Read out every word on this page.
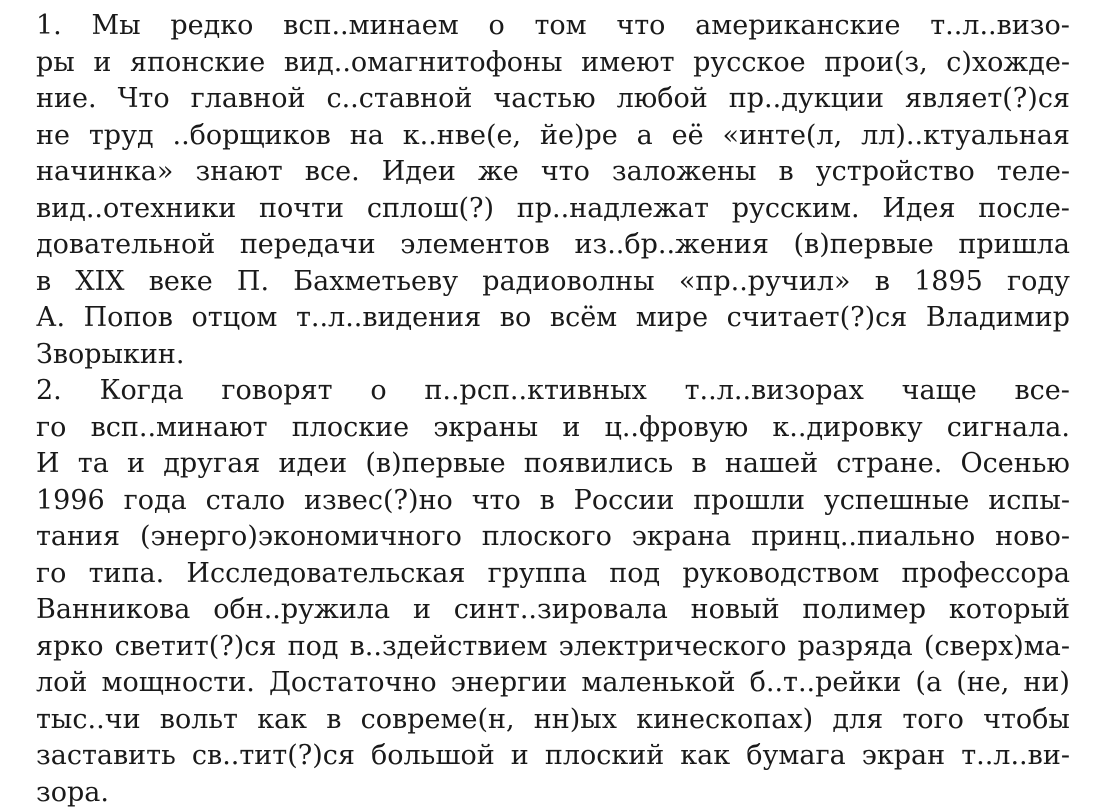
1. Мы редко всп..минаем о том что американские т..л..визо-
ры и японские вид..омагнитофоны имеют русское прои(з, с)хожде-
ние. Что главной с..ставной частью любой пр..дукции являет(?)ся
не труд ..борщиков на к..нве(е, йе)ре а её «инте(л, лл)..ктуальная
начинка» знают все. Идеи же что заложены в устройство теле-
вид..отехники почти сплош(?) пр..надлежат русским. Идея после-
довательной передачи элементов из..бр..жения (в)первые пришла
в XIX веке П. Бахметьеву радиоволны «пр..ручил» в 1895 году
А. Попов отцом т..л..видения во всём мире считает(?)ся Владимир
Зворыкин.
2. Когда говорят о п..рсп..ктивных т..л..визорах чаще все-
го всп..минают плоские экраны и ц..фровую к..дировку сигнала.
И та и другая идеи (в)первые появились в нашей стране. Осенью
1996 года стало извес(?)но что в России прошли успешные испы-
тания (энерго)экономичного плоского экрана принц..пиально ново-
го типа. Исследовательская группа под руководством профессора
Ванникова обн..ружила и синт..зировала новый полимер который
ярко светит(?)ся под в..здействием электрического разряда (сверх)ма-
лой мощности. Достаточно энергии маленькой б..т..рейки (а (не, ни)
тыс..чи вольт как в совреме(н, нн)ых кинескопах) для того чтобы
заставить св..тит(?)ся большой и плоский как бумага экран т..л..ви-
зора.
